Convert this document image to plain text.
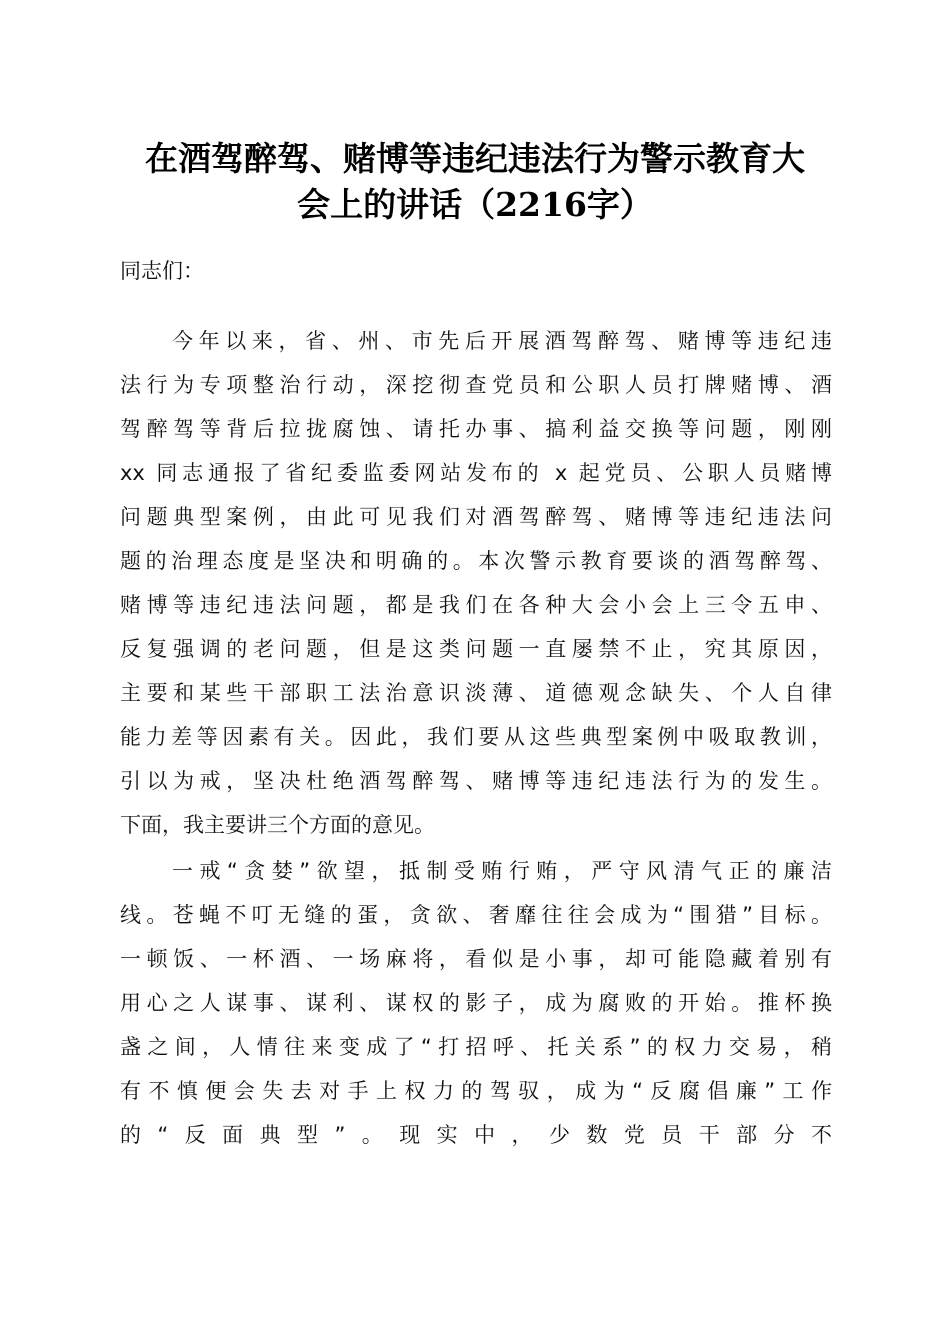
在酒驾醉驾、赌博等违纪违法行为警示教育大
会上的讲话（2216字）
同志们：
今年以来，省、州、市先后开展酒驾醉驾、赌博等违纪违
法行为专项整治行动，深挖彻查党员和公职人员打牌赌博、酒
驾醉驾等背后拉拢腐蚀、请托办事、搞利益交换等问题，刚刚
xx 同志通报了省纪委监委网站发布的 x 起党员、公职人员赌博
问题典型案例，由此可见我们对酒驾醉驾、赌博等违纪违法问
题的治理态度是坚决和明确的。本次警示教育要谈的酒驾醉驾、
赌博等违纪违法问题，都是我们在各种大会小会上三令五申、
反复强调的老问题，但是这类问题一直屡禁不止，究其原因，
主要和某些干部职工法治意识淡薄、道德观念缺失、个人自律
能力差等因素有关。因此，我们要从这些典型案例中吸取教训，
引以为戒，坚决杜绝酒驾醉驾、赌博等违纪违法行为的发生。
下面，我主要讲三个方面的意见。
一戒“贪婪”欲望，抵制受贿行贿，严守风清气正的廉洁
线。苍蝇不叮无缝的蛋，贪欲、奢靡往往会成为“围猎”目标。
一顿饭、一杯酒、一场麻将，看似是小事，却可能隐藏着别有
用心之人谋事、谋利、谋权的影子，成为腐败的开始。推杯换
盏之间，人情往来变成了“打招呼、托关系”的权力交易，稍
有不慎便会失去对手上权力的驾驭，成为“反腐倡廉”工作
的“反面典型”。现实中，少数党员干部分不
